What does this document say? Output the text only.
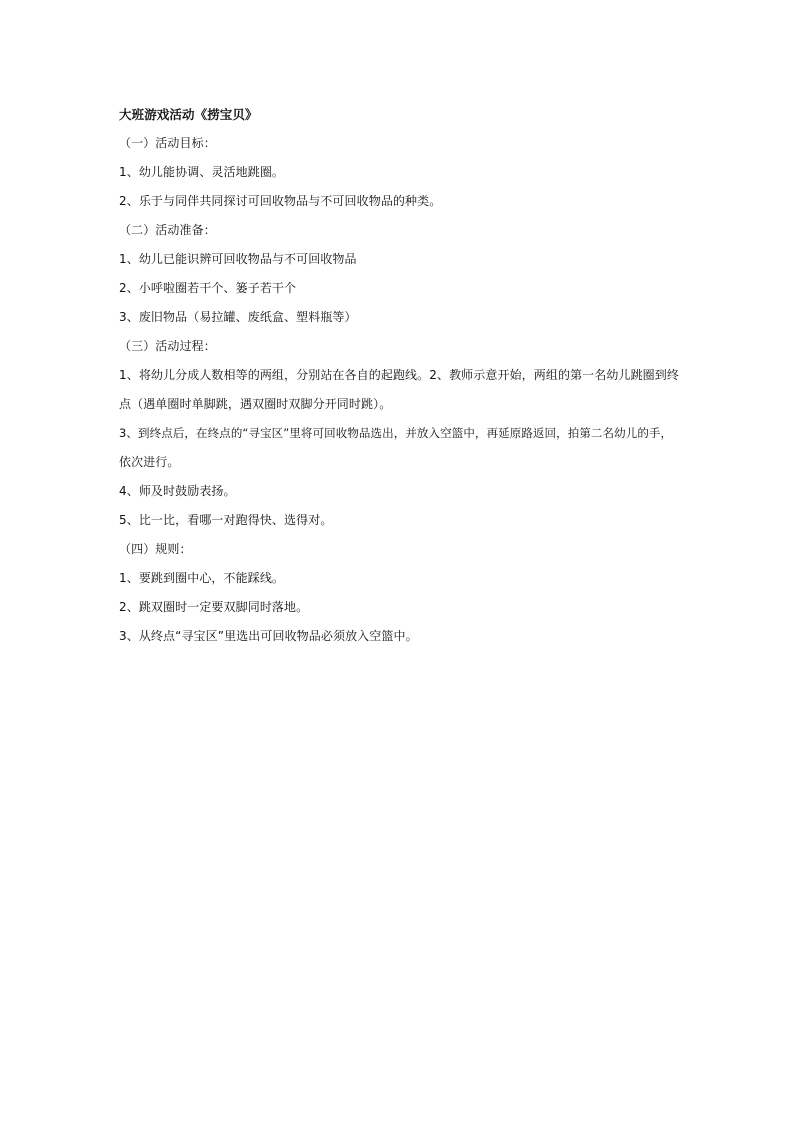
大班游戏活动《捞宝贝》
（一）活动目标：
1、幼儿能协调、灵活地跳圈。
2、乐于与同伴共同探讨可回收物品与不可回收物品的种类。
（二）活动准备：
1、幼儿已能识辨可回收物品与不可回收物品
2、小呼啦圈若干个、篓子若干个
3、废旧物品（易拉罐、废纸盒、塑料瓶等）
（三）活动过程：
1、将幼儿分成人数相等的两组，分别站在各自的起跑线。2、教师示意开始，两组的第一名幼儿跳圈到终
点（遇单圈时单脚跳，遇双圈时双脚分开同时跳）。
3、到终点后，在终点的“寻宝区”里将可回收物品选出，并放入空篮中，再延原路返回，拍第二名幼儿的手，
依次进行。
4、师及时鼓励表扬。
5、比一比，看哪一对跑得快、选得对。
（四）规则：
1、要跳到圈中心，不能踩线。
2、跳双圈时一定要双脚同时落地。
3、从终点“寻宝区”里选出可回收物品必须放入空篮中。
